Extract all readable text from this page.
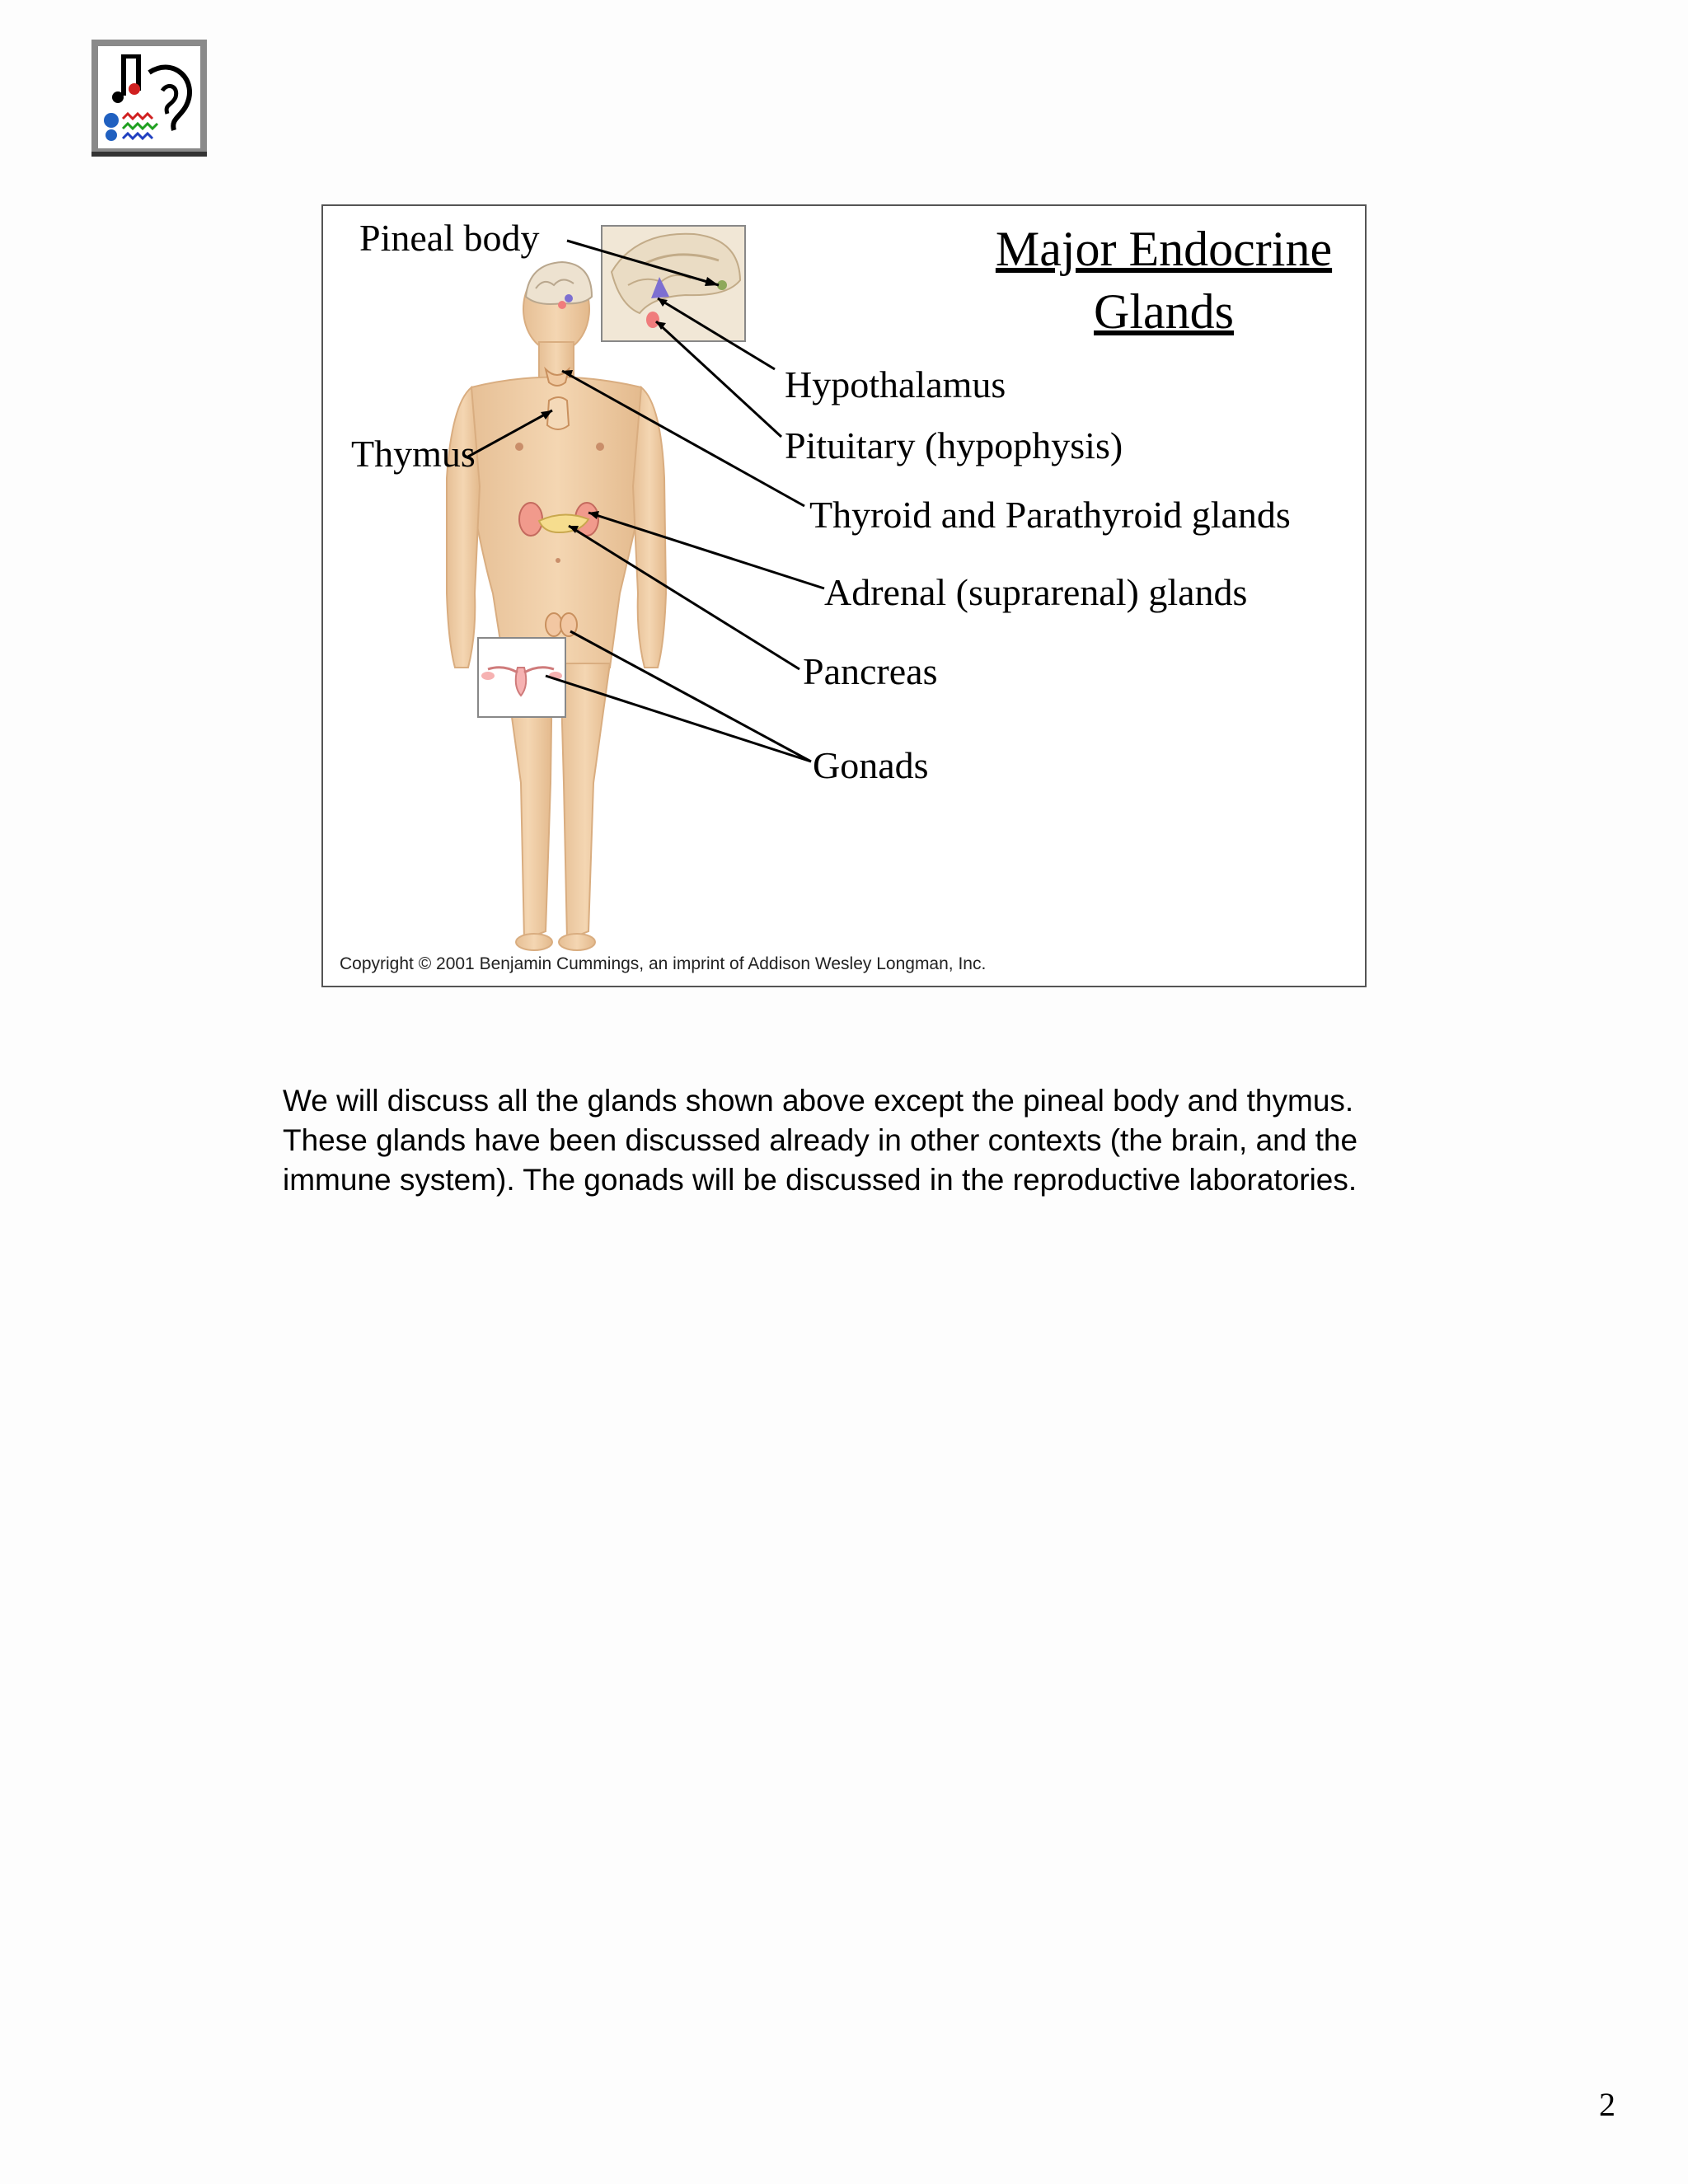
Major Endocrine
Glands
Pineal body
Hypothalamus
Pituitary (hypophysis)
Thymus
Thyroid and Parathyroid glands
Adrenal (suprarenal) glands
Pancreas
Gonads
Copyright © 2001 Benjamin Cummings, an imprint of Addison Wesley Longman, Inc.

We will discuss all the glands shown above except the pineal body and thymus. These glands have been discussed already in other contexts (the brain, and the immune system). The gonads will be discussed in the reproductive laboratories.

2
